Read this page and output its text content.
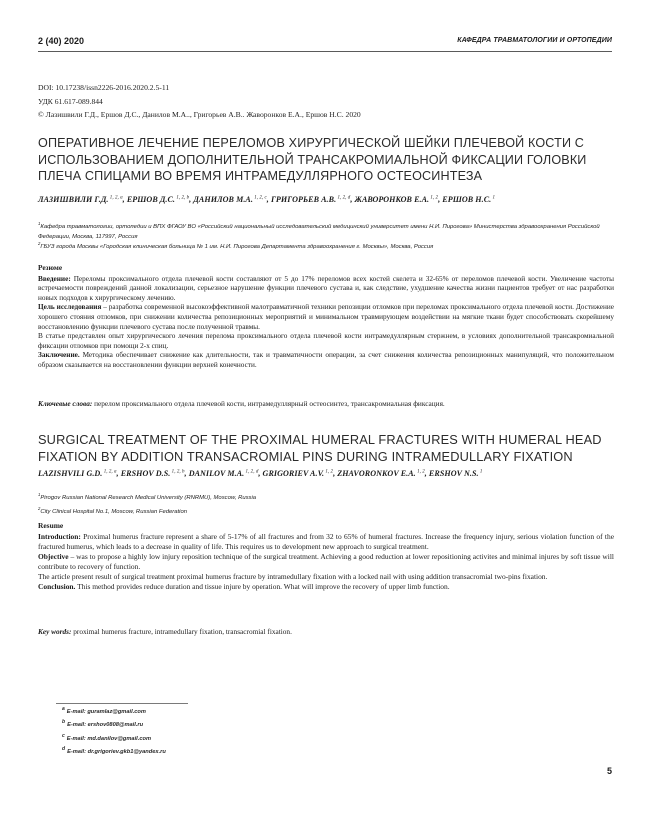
2 (40) 2020	КАФЕДРА ТРАВМАТОЛОГИИ И ОРТОПЕДИИ
DOI: 10.17238/issn2226-2016.2020.2.5-11
УДК 61.617-089.844
© Лазишвили Г.Д., Ершов Д.С., Данилов М.А.., Григорьев А.В.. Жаворонков Е.А., Ершов Н.С. 2020
ОПЕРАТИВНОЕ ЛЕЧЕНИЕ ПЕРЕЛОМОВ ХИРУРГИЧЕСКОЙ ШЕЙКИ ПЛЕЧЕВОЙ КОСТИ С ИСПОЛЬЗОВАНИЕМ ДОПОЛНИТЕЛЬНОЙ ТРАНСАКРОМИАЛЬНОЙ ФИКСАЦИИ ГОЛОВКИ ПЛЕЧА СПИЦАМИ ВО ВРЕМЯ ИНТРАМЕДУЛЛЯРНОГО ОСТЕОСИНТЕЗА
ЛАЗИШВИЛИ Г.Д. $^{1, 2, a}$, ЕРШОВ Д.С. $^{1, 2, b}$, ДАНИЛОВ М.А. $^{1, 2, c}$, ГРИГОРЬЕВ А.В. $^{1, 2, d}$, ЖАВОРОНКОВ Е.А. $^{1, 2}$, ЕРШОВ Н.С. $^1$

$^1$Кафедра травматологии, ортопедии и ВПХ ФГАОУ ВО «Российский национальный исследовательский медицинский университет имени Н.И. Пирогова» Министерства здравоохранения Российской Федерации, Москва, 117997, Россия

$^2$ГБУЗ города Москвы «Городская клиническая больница № 1 им. Н.И. Пирогова Департамента здравоохранения г. Москвы», Москва, Россия

Резюме

Введение: Переломы проксимального отдела плечевой кости составляют от 5 до 17% переломов всех костей скелета и 32-65% от переломов плечевой кости. Увеличение частоты встречаемости повреждений данной локализации, серьезное нарушение функции плечевого сустава и, как следствие, ухудшение качества жизни пациентов требует от нас разработки новых подходов к хирургическому лечению.

Цель исследования – разработка современной высокоэффективной малотравматичной техники репозиции отломков при переломах проксимального отдела плечевой кости. Достижение хорошего стояния отломков, при снижении количества репозиционных мероприятий и минимальном травмирующем воздействии на мягкие ткани будет способствовать скорейшему восстановлению функции плечевого сустава после полученной травмы.

В статье представлен опыт хирургического лечения перелома проксимального отдела плечевой кости интрамедуллярным стержнем, в условиях дополнительной трансакромиальной фиксации отломков при помощи 2-х спиц.

Заключение. Методика обеспечивает снижение как длительности, так и травматичности операции, за счет снижения количества репозиционных манипуляций, что положительном образом сказывается на восстановлении функции верхней конечности.

Ключевые слова: перелом проксимального отдела плечевой кости, интрамедуллярный остеосинтез, трансакромиальная фиксация.
SURGICAL TREATMENT OF THE PROXIMAL HUMERAL FRACTURES WITH HUMERAL HEAD FIXATION BY ADDITION TRANSACROMIAL PINS DURING INTRAMEDULLARY FIXATION
LAZISHVILI G.D. $^{1, 2, a}$, ERSHOV D.S. $^{1, 2, b}$, DANILOV M.A. $^{1, 2, d}$, GRIGORIEV A.V. $^{1, 2}$, ZHAVORONKOV E.A. $^{1, 2}$, ERSHOV N.S. $^1$

$^1$Pirogov Russian National Research Medical University (RNRMU), Moscow, Russia

$^2$City Clinical Hospital No.1, Moscow, Russian Federation

Resume

Introduction: Proximal humerus fracture represent a share of 5-17% of all fractures and from 32 to 65% of humeral fractures. Increase the frequency injury, serious violation function of the fractured humerus, which leads to a decrease in quality of life. This requires us to development new approach to surgical treatment.

Objective – was to propose a highly low injury reposition technique of the surgical treatment. Achieving a good reduction at lower repositioning activites and minimal injures by soft tissue will contribute to recovery of function.

The article present result of surgical treatment proximal humerus fracture by intramedullary fixation with a locked nail with using addition transacromial two-pins fixation.

Conclusion. This method provides reduce duration and tissue injure by operation. What will improve the recovery of upper limb function.

Key words: proximal humerus fracture, intramedullary fixation, transacromial fixation.
$^a$ E-mail: guramlaz@gmail.com
$^b$ E-mail: ershov0808@mail.ru
$^c$ E-mail: md.danilov@gmail.com
$^d$ E-mail: dr.grigoriev.gkb1@yandex.ru
5
